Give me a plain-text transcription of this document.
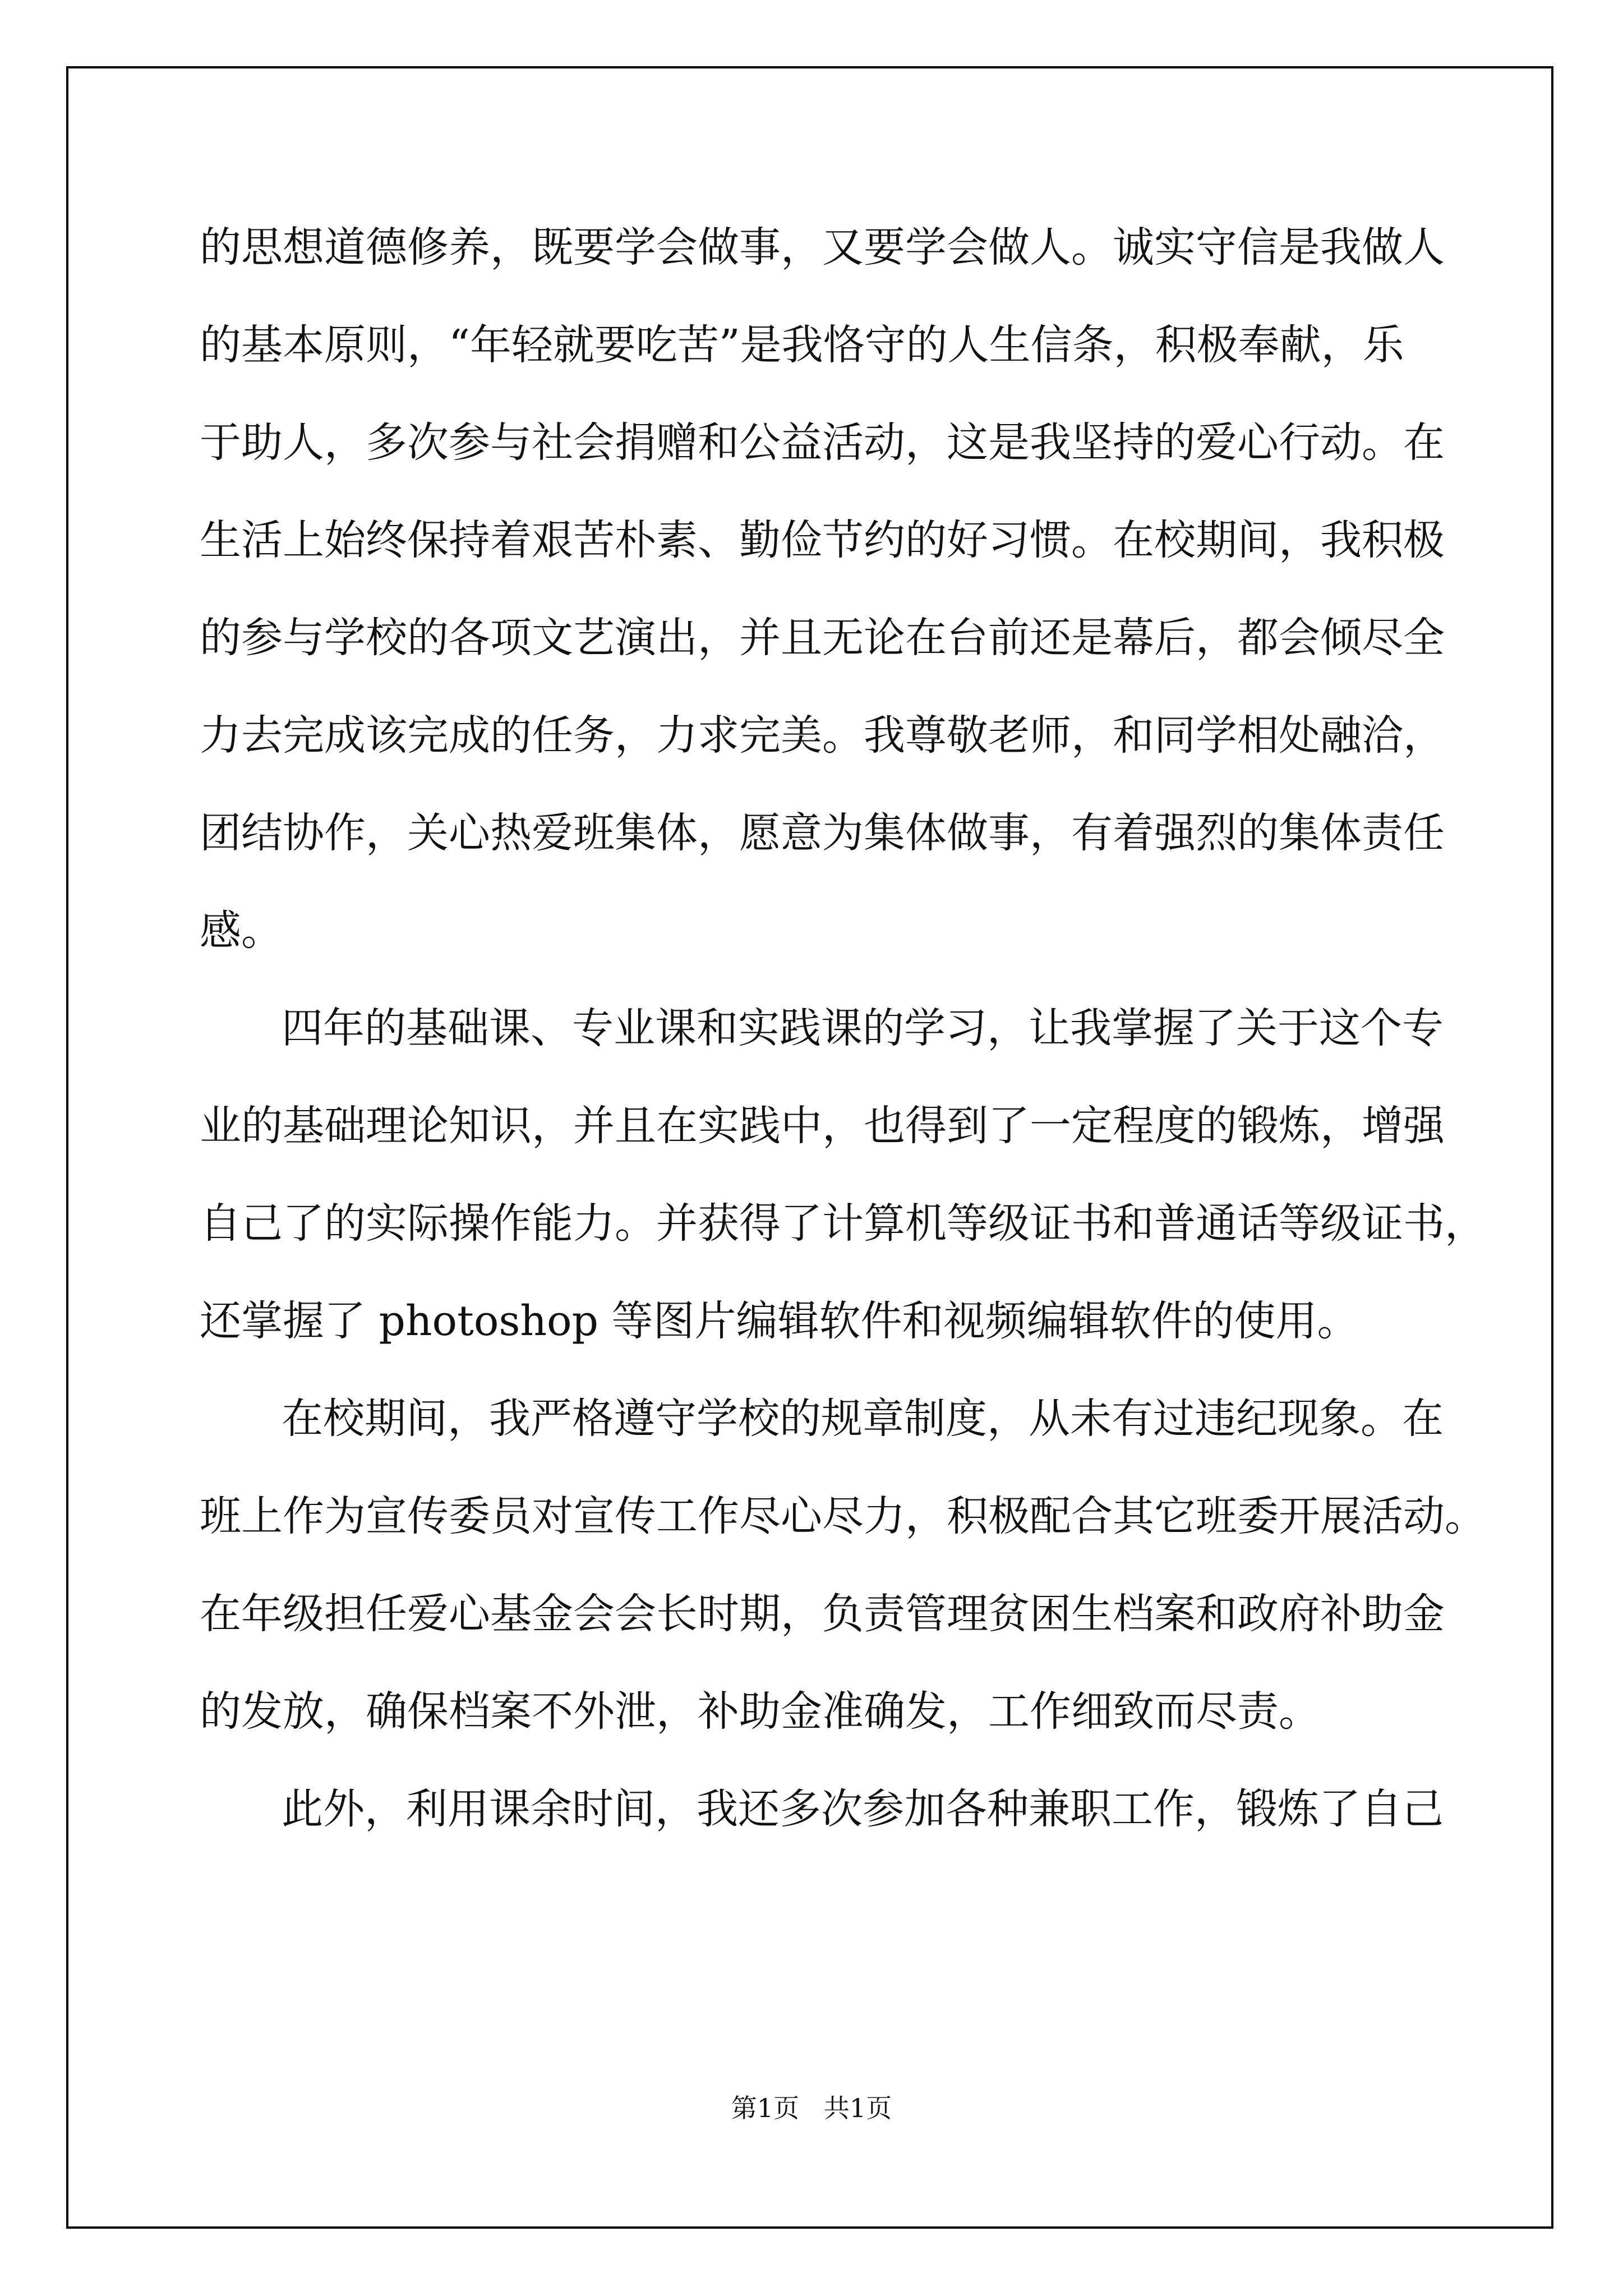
的思想道德修养，既要学会做事，又要学会做人。诚实守信是我做人
的基本原则，“年轻就要吃苦”是我恪守的人生信条，积极奉献，乐
于助人，多次参与社会捐赠和公益活动，这是我坚持的爱心行动。在
生活上始终保持着艰苦朴素、勤俭节约的好习惯。在校期间，我积极
的参与学校的各项文艺演出，并且无论在台前还是幕后，都会倾尽全
力去完成该完成的任务，力求完美。我尊敬老师，和同学相处融洽，
团结协作，关心热爱班集体，愿意为集体做事，有着强烈的集体责任
感。
四年的基础课、专业课和实践课的学习，让我掌握了关于这个专
业的基础理论知识，并且在实践中，也得到了一定程度的锻炼，增强
自己了的实际操作能力。并获得了计算机等级证书和普通话等级证书，
还掌握了 photoshop 等图片编辑软件和视频编辑软件的使用。
在校期间，我严格遵守学校的规章制度，从未有过违纪现象。在
班上作为宣传委员对宣传工作尽心尽力，积极配合其它班委开展活动。
在年级担任爱心基金会会长时期，负责管理贫困生档案和政府补助金
的发放，确保档案不外泄，补助金准确发，工作细致而尽责。
此外，利用课余时间，我还多次参加各种兼职工作，锻炼了自己
第1页   共1页
